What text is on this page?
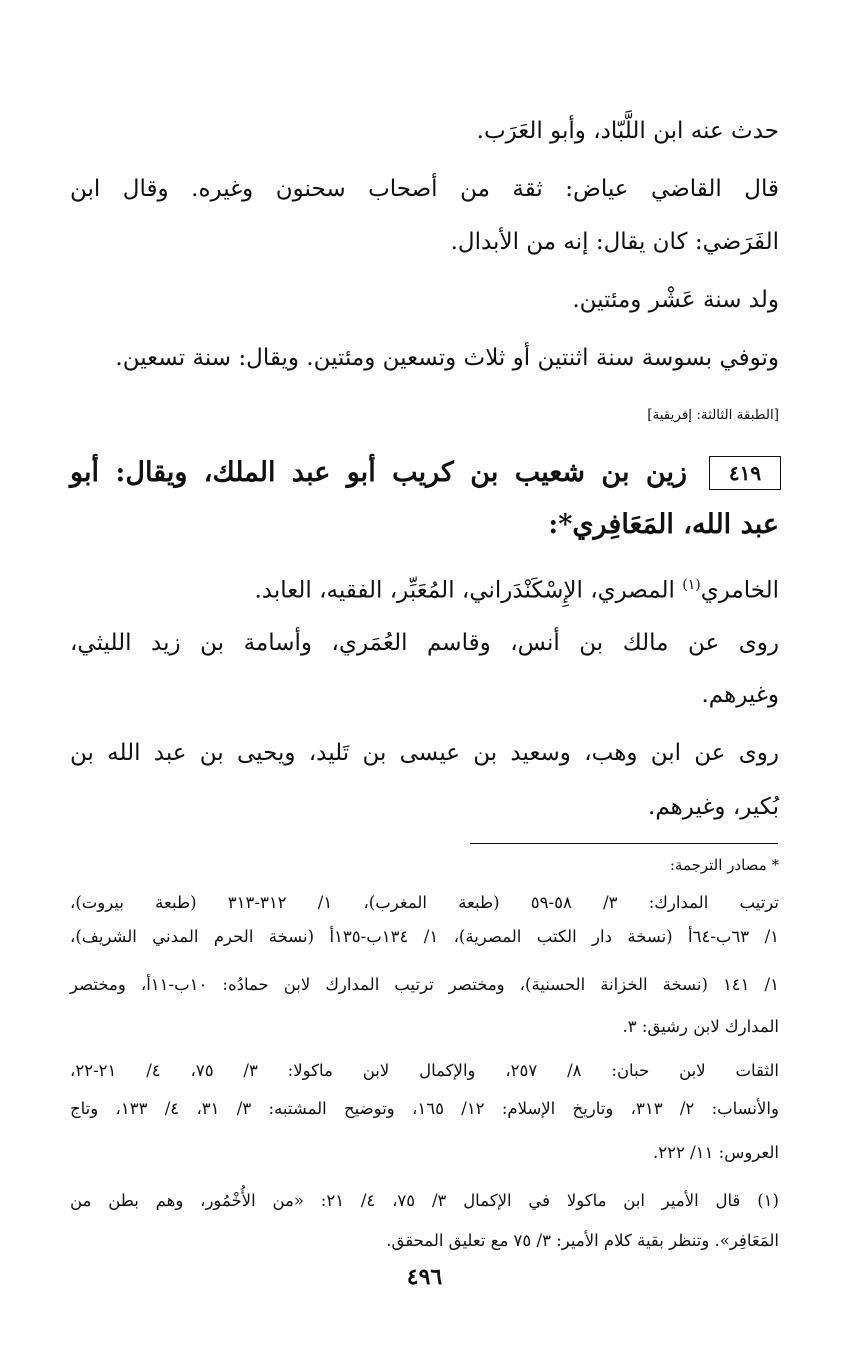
حدث عنه ابن اللَّبّاد، وأبو العَرَب.
قال القاضي عياض: ثقة من أصحاب سحنون وغيره. وقال ابن
الفَرَضي: كان يقال: إنه من الأبدال.
ولد سنة عَشْر ومئتين.
وتوفي بسوسة سنة اثنتين أو ثلاث وتسعين ومئتين. ويقال: سنة تسعين.
[الطبقة الثالثة: إفريقية]
٤١٩
زين بن شعيب بن كريب أبو عبد الملك، ويقال: أبو
عبد الله، المَعَافِري*:
الخامري$^{(١)}$ المصري، الإِسْكَنْدَراني، المُعَبِّر، الفقيه، العابد.
روى عن مالك بن أنس، وقاسم العُمَري، وأسامة بن زيد الليثي،
وغيرهم.
روى عن ابن وهب، وسعيد بن عيسى بن تَليد، ويحيى بن عبد الله بن
بُكير، وغيرهم.
* مصادر الترجمة:
ترتيب المدارك: ٣/ ٥٨-٥٩ (طبعة المغرب)، ١/ ٣١٢-٣١٣ (طبعة بيروت)،
١/ ٦٣ب-٦٤أ (نسخة دار الكتب المصرية)، ١/ ١٣٤ب-١٣٥أ (نسخة الحرم المدني الشريف)،
١/ ١٤١ (نسخة الخزانة الحسنية)، ومختصر ترتيب المدارك لابن حمادُه: ١٠ب-١١أ، ومختصر
المدارك لابن رشيق: ٣.
الثقات لابن حبان: ٨/ ٢٥٧، والإكمال لابن ماكولا: ٣/ ٧٥، ٤/ ٢١-٢٢،
والأنساب: ٢/ ٣١٣، وتاريخ الإسلام: ١٢/ ١٦٥، وتوضيح المشتبه: ٣/ ٣١، ٤/ ١٣٣، وتاج
العروس: ١١/ ٢٢٢.
(١) قال الأمير ابن ماكولا في الإكمال ٣/ ٧٥، ٤/ ٢١: «من الأُخْمُور، وهم بطن من
المَعَافِر». وتنظر بقية كلام الأمير: ٣/ ٧٥ مع تعليق المحقق.
٤٩٦
